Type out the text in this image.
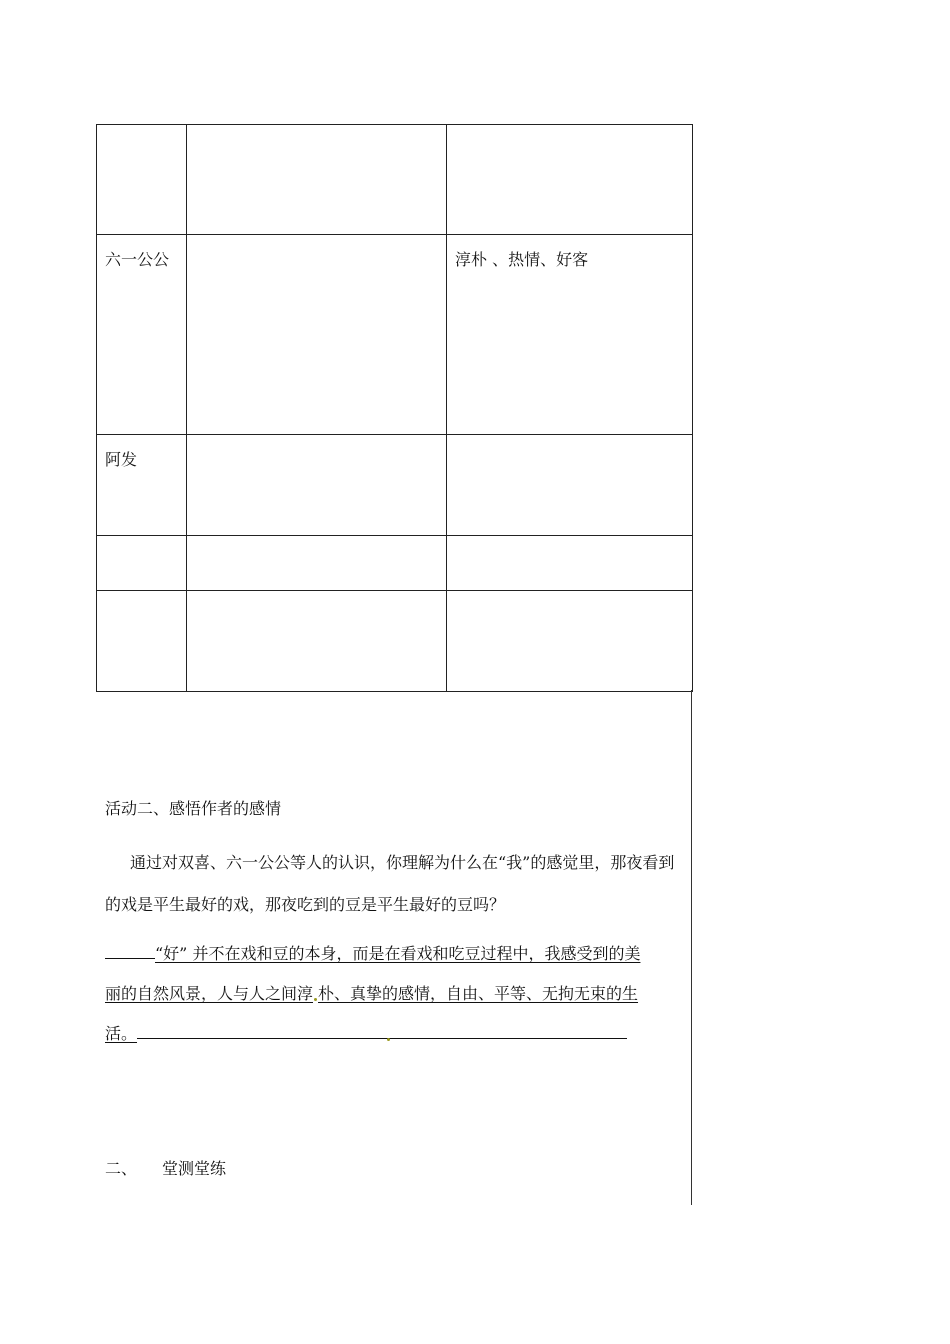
六一公公		淳朴 、热情、好客
阿发		

活动二、感悟作者的感情

通过对双喜、六一公公等人的认识，你理解为什么在“我”的感觉里，那夜看到的戏是平生最好的戏，那夜吃到的豆是平生最好的豆吗？

“好” 并不在戏和豆的本身，而是在看戏和吃豆过程中，我感受到的美
丽的自然风景，人与人之间淳 朴、真挚的感情，自由、平等、无拘无束的生
活。
二、 堂测堂练
